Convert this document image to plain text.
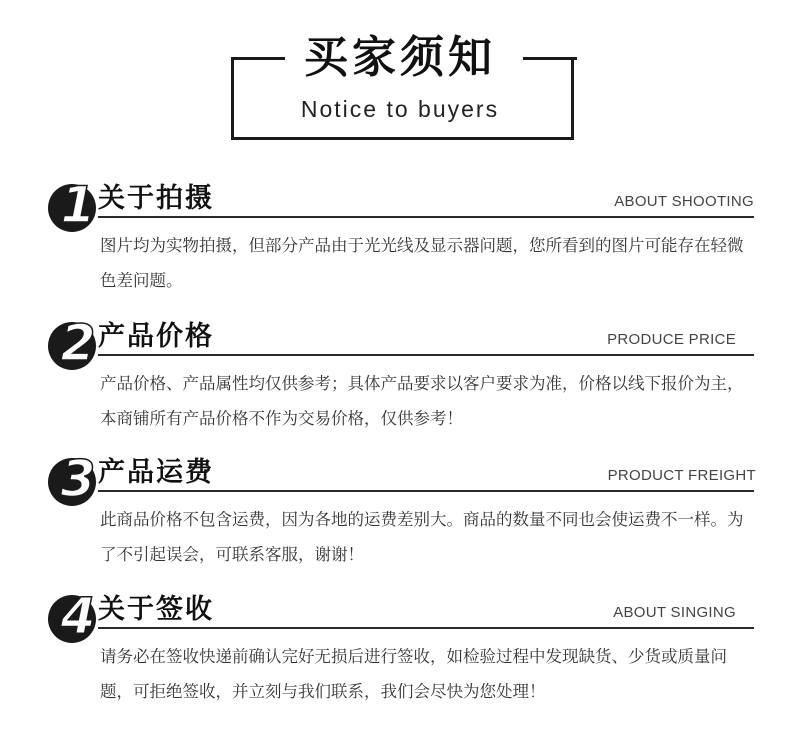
买家须知
Notice to buyers
1 关于拍摄	ABOUT SHOOTING
图片均为实物拍摄，但部分产品由于光光线及显示器问题，您所看到的图片可能存在轻微色差问题。
2 产品价格	PRODUCE PRICE
产品价格、产品属性均仅供参考；具体产品要求以客户要求为准，价格以线下报价为主，本商铺所有产品价格不作为交易价格，仅供参考！
3 产品运费	PRODUCT FREIGHT
此商品价格不包含运费，因为各地的运费差别大。商品的数量不同也会使运费不一样。为了不引起误会，可联系客服，谢谢！
4 关于签收	ABOUT SINGING
请务必在签收快递前确认完好无损后进行签收，如检验过程中发现缺货、少货或质量问题，可拒绝签收，并立刻与我们联系，我们会尽快为您处理！
